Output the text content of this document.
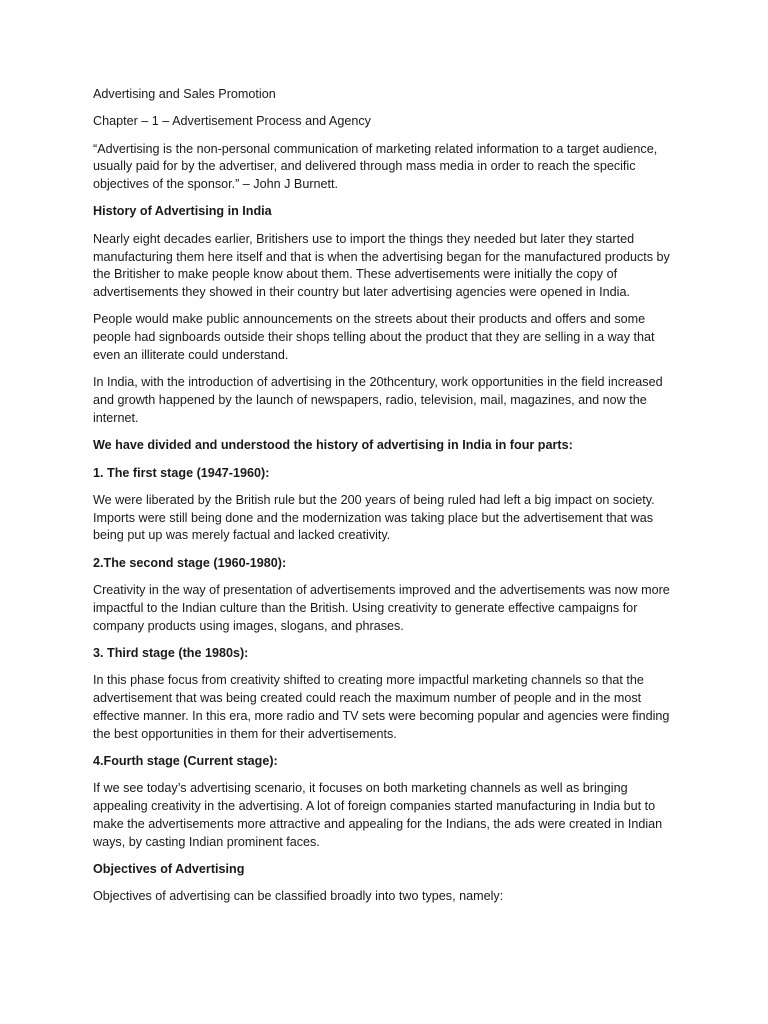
Advertising and Sales Promotion

Chapter – 1 – Advertisement Process and Agency

“Advertising is the non-personal communication of marketing related information to a target audience, usually paid for by the advertiser, and delivered through mass media in order to reach the specific objectives of the sponsor.” – John J Burnett.

History of Advertising in India

Nearly eight decades earlier, Britishers use to import the things they needed but later they started manufacturing them here itself and that is when the advertising began for the manufactured products by the Britisher to make people know about them. These advertisements were initially the copy of advertisements they showed in their country but later advertising agencies were opened in India.

People would make public announcements on the streets about their products and offers and some people had signboards outside their shops telling about the product that they are selling in a way that even an illiterate could understand.

In India, with the introduction of advertising in the 20thcentury, work opportunities in the field increased and growth happened by the launch of newspapers, radio, television, mail, magazines, and now the internet.

We have divided and understood the history of advertising in India in four parts:

1. The first stage (1947-1960):

We were liberated by the British rule but the 200 years of being ruled had left a big impact on society. Imports were still being done and the modernization was taking place but the advertisement that was being put up was merely factual and lacked creativity.

2.The second stage (1960-1980):

Creativity in the way of presentation of advertisements improved and the advertisements was now more impactful to the Indian culture than the British. Using creativity to generate effective campaigns for company products using images, slogans, and phrases.

3. Third stage (the 1980s):

In this phase focus from creativity shifted to creating more impactful marketing channels so that the advertisement that was being created could reach the maximum number of people and in the most effective manner. In this era, more radio and TV sets were becoming popular and agencies were finding the best opportunities in them for their advertisements.

4.Fourth stage (Current stage):

If we see today’s advertising scenario, it focuses on both marketing channels as well as bringing appealing creativity in the advertising. A lot of foreign companies started manufacturing in India but to make the advertisements more attractive and appealing for the Indians, the ads were created in Indian ways, by casting Indian prominent faces.

Objectives of Advertising

Objectives of advertising can be classified broadly into two types, namely:
